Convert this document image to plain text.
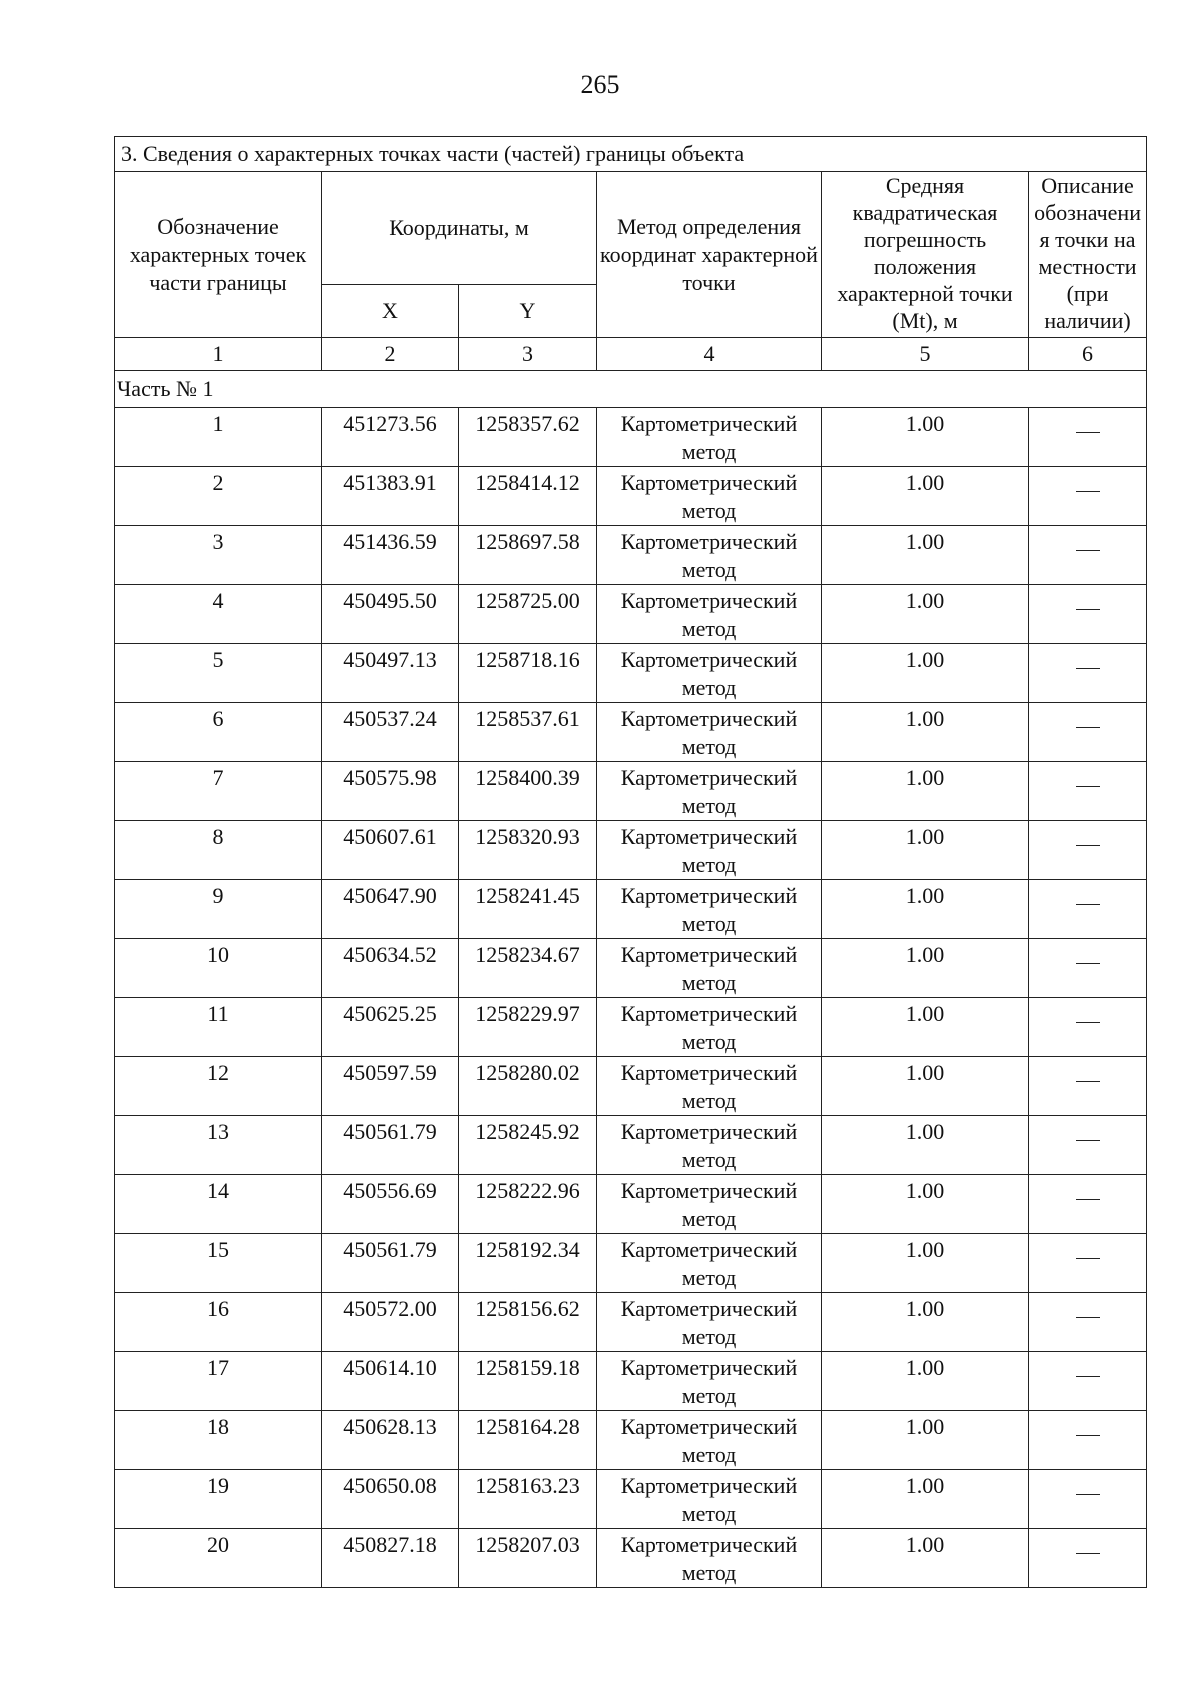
265
3. Сведения о характерных точках части (частей) границы объекта					
Обозначение характерных точек части границы	Координаты, м		Метод определения координат характерной точки	Средняя квадратическая погрешность положения характерной точки (Mt), м	Описание обозначени я точки на местности (при наличии)
	X	Y			
1	2	3	4	5	6
Часть № 1					
1	451273.56	1258357.62	Картометрический метод	1.00	
2	451383.91	1258414.12	Картометрический метод	1.00	
3	451436.59	1258697.58	Картометрический метод	1.00	
4	450495.50	1258725.00	Картометрический метод	1.00	
5	450497.13	1258718.16	Картометрический метод	1.00	
6	450537.24	1258537.61	Картометрический метод	1.00	
7	450575.98	1258400.39	Картометрический метод	1.00	
8	450607.61	1258320.93	Картометрический метод	1.00	
9	450647.90	1258241.45	Картометрический метод	1.00	
10	450634.52	1258234.67	Картометрический метод	1.00	
11	450625.25	1258229.97	Картометрический метод	1.00	
12	450597.59	1258280.02	Картометрический метод	1.00	
13	450561.79	1258245.92	Картометрический метод	1.00	
14	450556.69	1258222.96	Картометрический метод	1.00	
15	450561.79	1258192.34	Картометрический метод	1.00	
16	450572.00	1258156.62	Картометрический метод	1.00	
17	450614.10	1258159.18	Картометрический метод	1.00	
18	450628.13	1258164.28	Картометрический метод	1.00	
19	450650.08	1258163.23	Картометрический метод	1.00	
20	450827.18	1258207.03	Картометрический метод	1.00	
